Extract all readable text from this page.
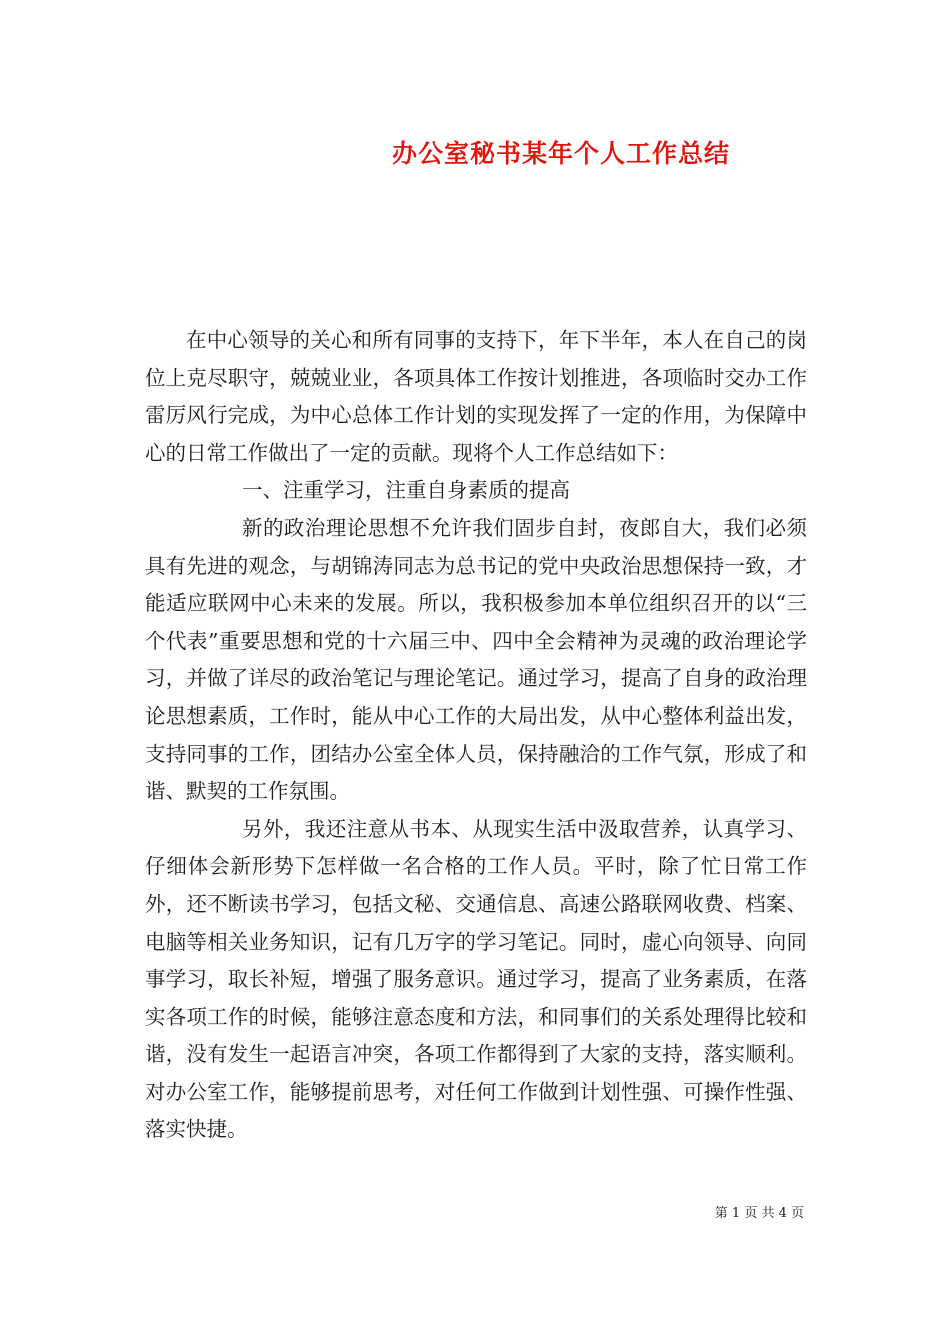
办公室秘书某年个人工作总结

在中心领导的关心和所有同事的支持下，年下半年，本人在自己的岗位上克尽职守，兢兢业业，各项具体工作按计划推进，各项临时交办工作雷厉风行完成，为中心总体工作计划的实现发挥了一定的作用，为保障中心的日常工作做出了一定的贡献。现将个人工作总结如下：

一、注重学习，注重自身素质的提高

新的政治理论思想不允许我们固步自封，夜郎自大，我们必须具有先进的观念，与胡锦涛同志为总书记的党中央政治思想保持一致，才能适应联网中心未来的发展。所以，我积极参加本单位组织召开的以“三个代表”重要思想和党的十六届三中、四中全会精神为灵魂的政治理论学习，并做了详尽的政治笔记与理论笔记。通过学习，提高了自身的政治理论思想素质，工作时，能从中心工作的大局出发，从中心整体利益出发，支持同事的工作，团结办公室全体人员，保持融洽的工作气氛，形成了和谐、默契的工作氛围。

另外，我还注意从书本、从现实生活中汲取营养，认真学习、仔细体会新形势下怎样做一名合格的工作人员。平时，除了忙日常工作外，还不断读书学习，包括文秘、交通信息、高速公路联网收费、档案、电脑等相关业务知识，记有几万字的学习笔记。同时，虚心向领导、向同事学习，取长补短，增强了服务意识。通过学习，提高了业务素质，在落实各项工作的时候，能够注意态度和方法，和同事们的关系处理得比较和谐，没有发生一起语言冲突，各项工作都得到了大家的支持，落实顺利。对办公室工作，能够提前思考，对任何工作做到计划性强、可操作性强、落实快捷。

第 1 页 共 4 页
